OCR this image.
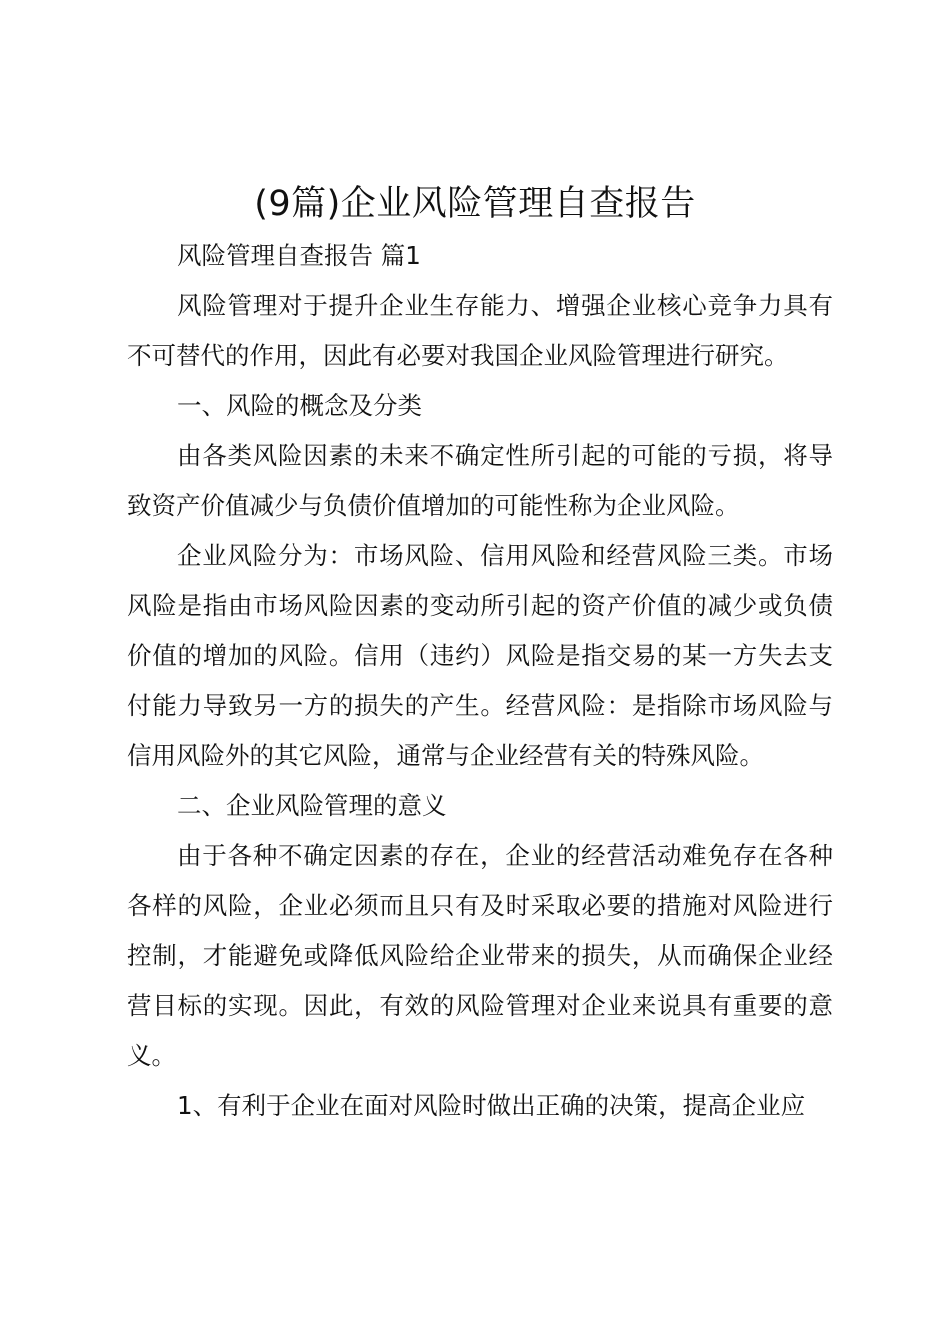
(9篇)企业风险管理自查报告

风险管理自查报告 篇1

风险管理对于提升企业生存能力、增强企业核心竞争力具有不可替代的作用，因此有必要对我国企业风险管理进行研究。

一、风险的概念及分类

由各类风险因素的未来不确定性所引起的可能的亏损，将导致资产价值减少与负债价值增加的可能性称为企业风险。

企业风险分为：市场风险、信用风险和经营风险三类。市场风险是指由市场风险因素的变动所引起的资产价值的减少或负债价值的增加的风险。信用（违约）风险是指交易的某一方失去支付能力导致另一方的损失的产生。经营风险：是指除市场风险与信用风险外的其它风险，通常与企业经营有关的特殊风险。

二、企业风险管理的意义

由于各种不确定因素的存在，企业的经营活动难免存在各种各样的风险，企业必须而且只有及时采取必要的措施对风险进行控制，才能避免或降低风险给企业带来的损失，从而确保企业经营目标的实现。因此，有效的风险管理对企业来说具有重要的意义。

1、有利于企业在面对风险时做出正确的决策，提高企业应
